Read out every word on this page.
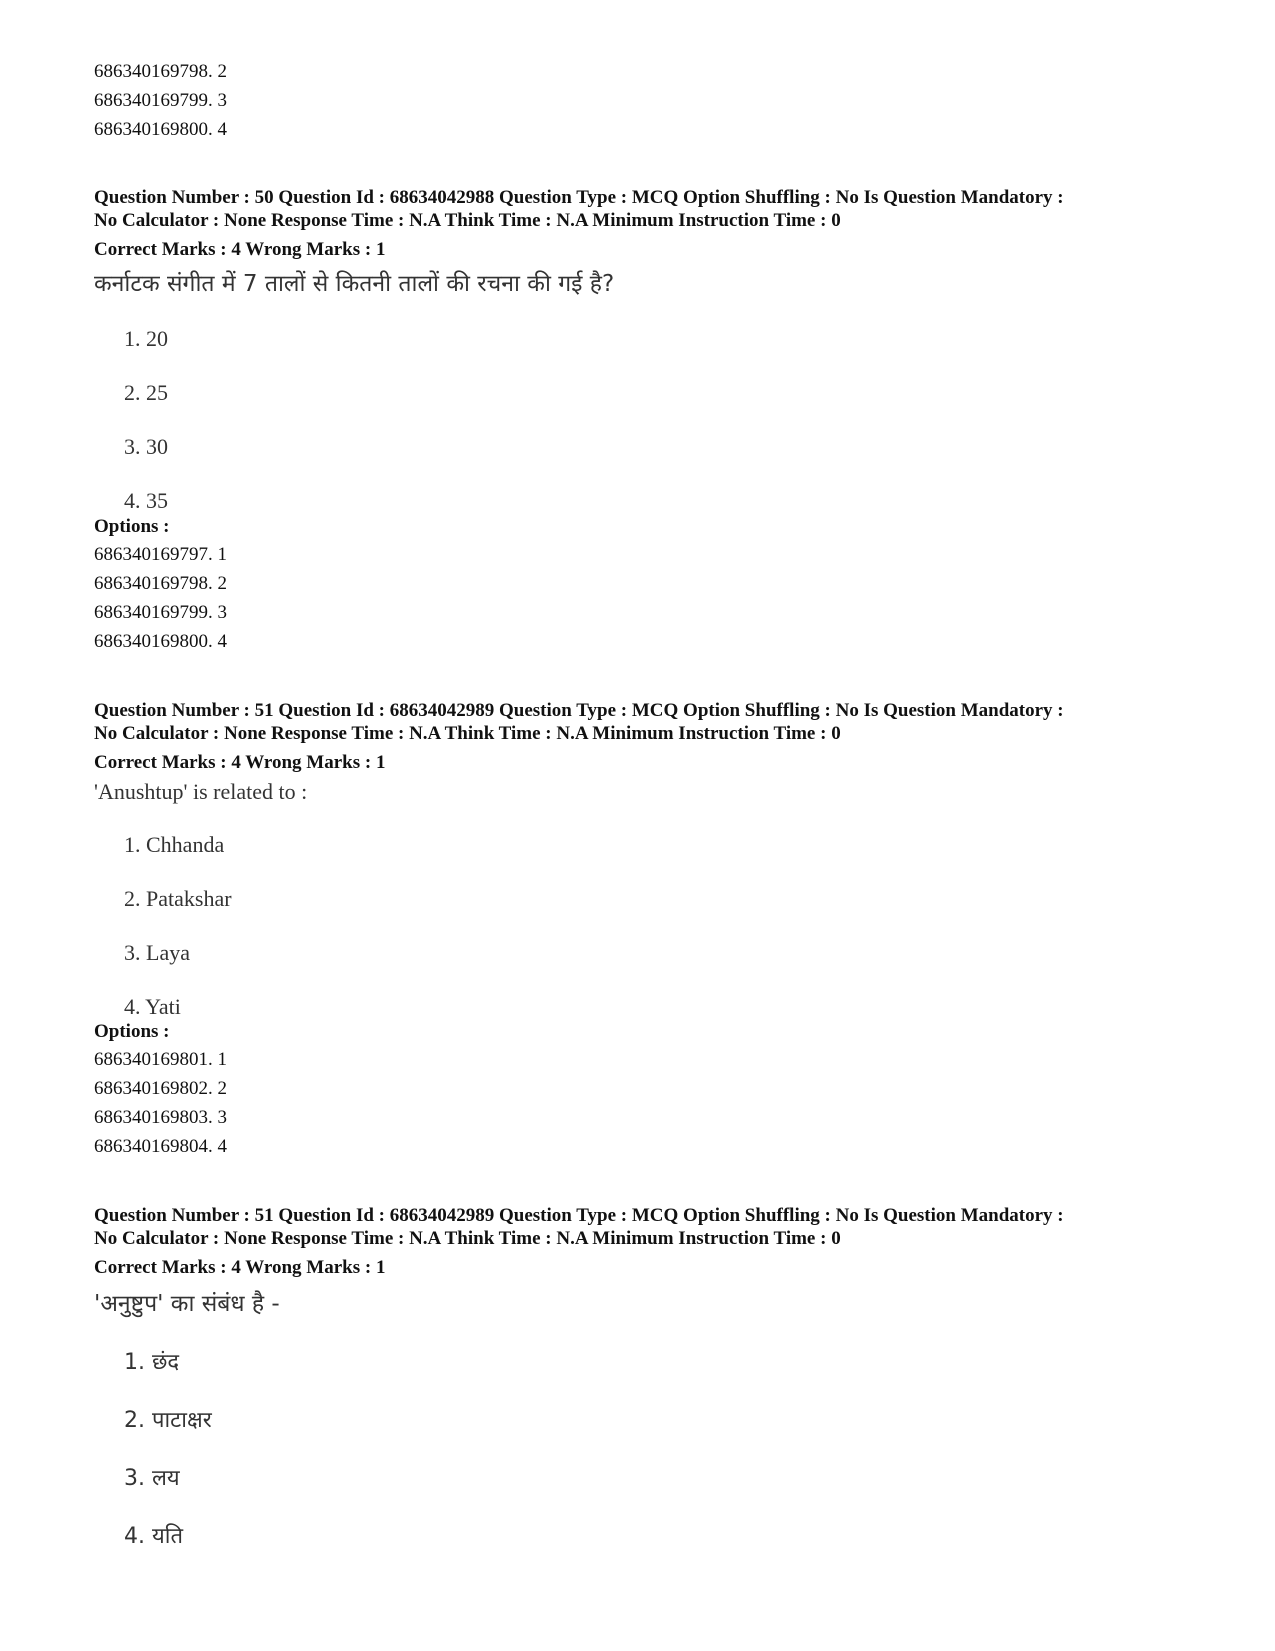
686340169798. 2
686340169799. 3
686340169800. 4
Question Number : 50 Question Id : 68634042988 Question Type : MCQ Option Shuffling : No Is Question Mandatory :
No Calculator : None Response Time : N.A Think Time : N.A Minimum Instruction Time : 0
Correct Marks : 4 Wrong Marks : 1
कर्नाटक संगीत में 7 तालों से कितनी तालों की रचना की गई है?
1. 20
2. 25
3. 30
4. 35
Options :
686340169797. 1
686340169798. 2
686340169799. 3
686340169800. 4
Question Number : 51 Question Id : 68634042989 Question Type : MCQ Option Shuffling : No Is Question Mandatory :
No Calculator : None Response Time : N.A Think Time : N.A Minimum Instruction Time : 0
Correct Marks : 4 Wrong Marks : 1
'Anushtup' is related to :
1. Chhanda
2. Patakshar
3. Laya
4. Yati
Options :
686340169801. 1
686340169802. 2
686340169803. 3
686340169804. 4
Question Number : 51 Question Id : 68634042989 Question Type : MCQ Option Shuffling : No Is Question Mandatory :
No Calculator : None Response Time : N.A Think Time : N.A Minimum Instruction Time : 0
Correct Marks : 4 Wrong Marks : 1
'अनुष्टुप' का संबंध है -
1. छंद
2. पाटाक्षर
3. लय
4. यति
